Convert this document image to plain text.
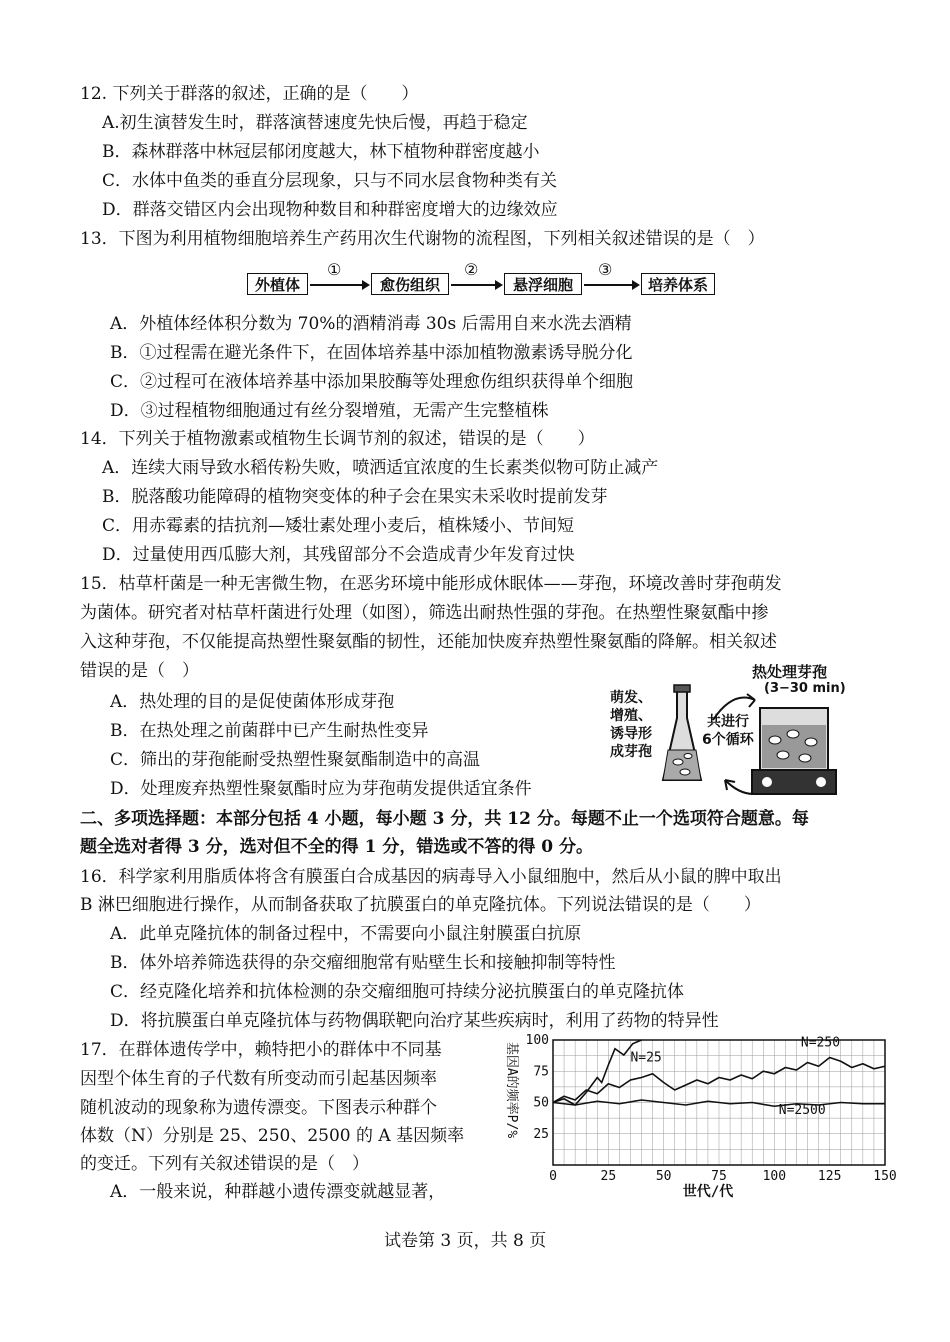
12. 下列关于群落的叙述，正确的是（　　）
A.初生演替发生时，群落演替速度先快后慢，再趋于稳定
B．森林群落中林冠层郁闭度越大，林下植物种群密度越小
C．水体中鱼类的垂直分层现象，只与不同水层食物种类有关
D．群落交错区内会出现物种数目和种群密度增大的边缘效应
13．下图为利用植物细胞培养生产药用次生代谢物的流程图，下列相关叙述错误的是（　）
外植体
①
愈伤组织
②
悬浮细胞
③
培养体系
A．外植体经体积分数为 70%的酒精消毒 30s 后需用自来水洗去酒精
B．①过程需在避光条件下，在固体培养基中添加植物激素诱导脱分化
C．②过程可在液体培养基中添加果胶酶等处理愈伤组织获得单个细胞
D．③过程植物细胞通过有丝分裂增殖，无需产生完整植株
14．下列关于植物激素或植物生长调节剂的叙述，错误的是（　　）
A．连续大雨导致水稻传粉失败，喷洒适宜浓度的生长素类似物可防止减产
B．脱落酸功能障碍的植物突变体的种子会在果实未采收时提前发芽
C．用赤霉素的拮抗剂—矮壮素处理小麦后，植株矮小、节间短
D．过量使用西瓜膨大剂，其残留部分不会造成青少年发育过快
15．枯草杆菌是一种无害微生物，在恶劣环境中能形成休眠体——芽孢，环境改善时芽孢萌发
为菌体。研究者对枯草杆菌进行处理（如图），筛选出耐热性强的芽孢。在热塑性聚氨酯中掺
入这种芽孢，不仅能提高热塑性聚氨酯的韧性，还能加快废弃热塑性聚氨酯的降解。相关叙述
错误的是（　）
A．热处理的目的是促使菌体形成芽孢
B．在热处理之前菌群中已产生耐热性变异
C．筛出的芽孢能耐受热塑性聚氨酯制造中的高温
D．处理废弃热塑性聚氨酯时应为芽孢萌发提供适宜条件
萌发、
增殖、
诱导形
成芽孢
共进行
6个循环
热处理芽孢
(3−30 min)
二、多项选择题：本部分包括 4 小题，每小题 3 分，共 12 分。每题不止一个选项符合题意。每
题全选对者得 3 分，选对但不全的得 1 分，错选或不答的得 0 分。
16．科学家利用脂质体将含有膜蛋白合成基因的病毒导入小鼠细胞中，然后从小鼠的脾中取出
B 淋巴细胞进行操作，从而制备获取了抗膜蛋白的单克隆抗体。下列说法错误的是（　　）
A．此单克隆抗体的制备过程中，不需要向小鼠注射膜蛋白抗原
B．体外培养筛选获得的杂交瘤细胞常有贴壁生长和接触抑制等特性
C．经克隆化培养和抗体检测的杂交瘤细胞可持续分泌抗膜蛋白的单克隆抗体
D．将抗膜蛋白单克隆抗体与药物偶联靶向治疗某些疾病时，利用了药物的特异性
17．在群体遗传学中，赖特把小的群体中不同基
因型个体生育的子代数有所变动而引起基因频率
随机波动的现象称为遗传漂变。下图表示种群个
体数（N）分别是 25、250、2500 的 A 基因频率
的变迁。下列有关叙述错误的是（　）
A．一般来说，种群越小遗传漂变就越显著，
0	25	50	75	100 125 150
100
75
50
25
N=25
N=250
N=2500
基因A的频率P/%
世代/代
试卷第 3 页，共 8 页
